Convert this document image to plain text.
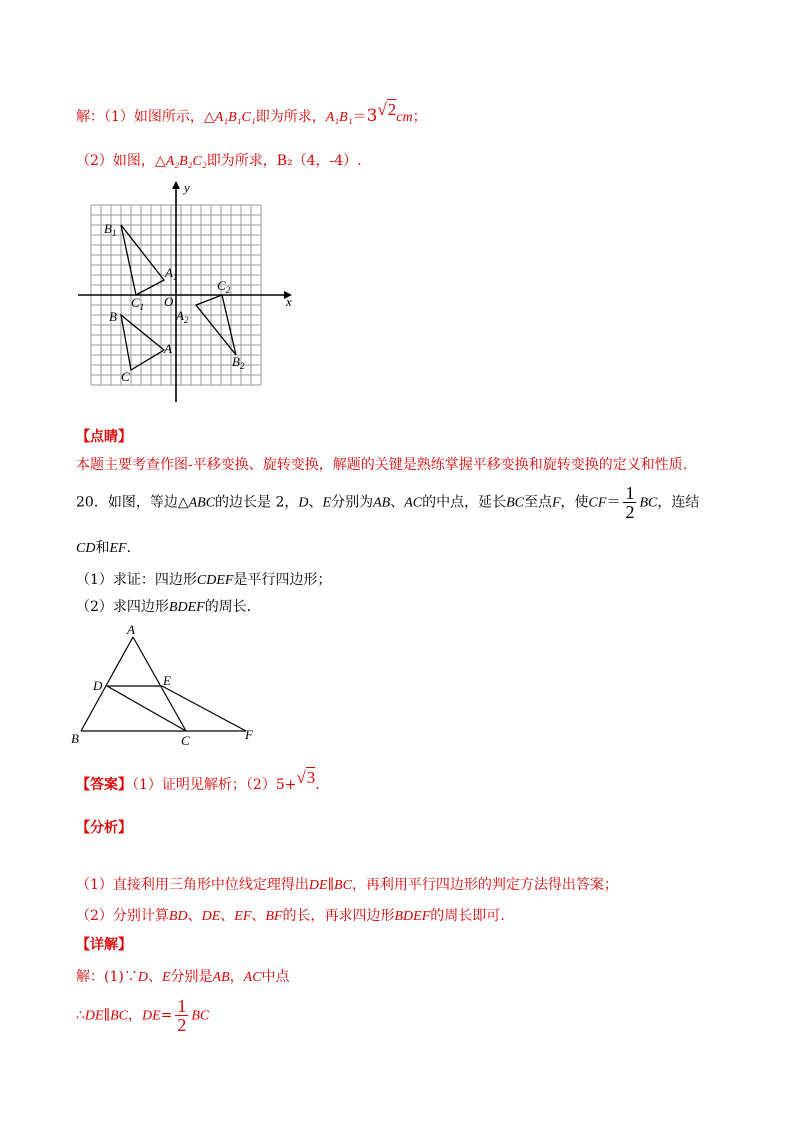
解：（1）如图所示，△A₁B₁C₁即为所求，A₁B₁＝3√2cm；
（2）如图，△A₂B₂C₂即为所求，B₂（4，-4）.
y
x
O
$B_1$
$A_1$
$C_1$
B
A
C
$C_2$
$A_2$
$B_2$
【点睛】
本题主要考查作图-平移变换、旋转变换，解题的关键是熟练掌握平移变换和旋转变换的定义和性质.
20．如图，等边△ABC的边长是 2，D、E分别为AB、AC的中点，延长BC至点F，使$CF= \frac{1}{2}$ BC，连结
CD和EF.
（1）求证：四边形CDEF是平行四边形；
（2）求四边形BDEF的周长.
A
D	E
B	C	F
【答案】（1）证明见解析；（2）5+√3.
【分析】
（1）直接利用三角形中位线定理得出DE∥BC，再利用平行四边形的判定方法得出答案；
（2）分别计算BD、DE、EF、BF的长，再求四边形BDEF的周长即可.
【详解】
解：(1)∵D、E分别是AB，AC中点
∴DE∥BC，$DE= \frac{1}{2}$ BC
